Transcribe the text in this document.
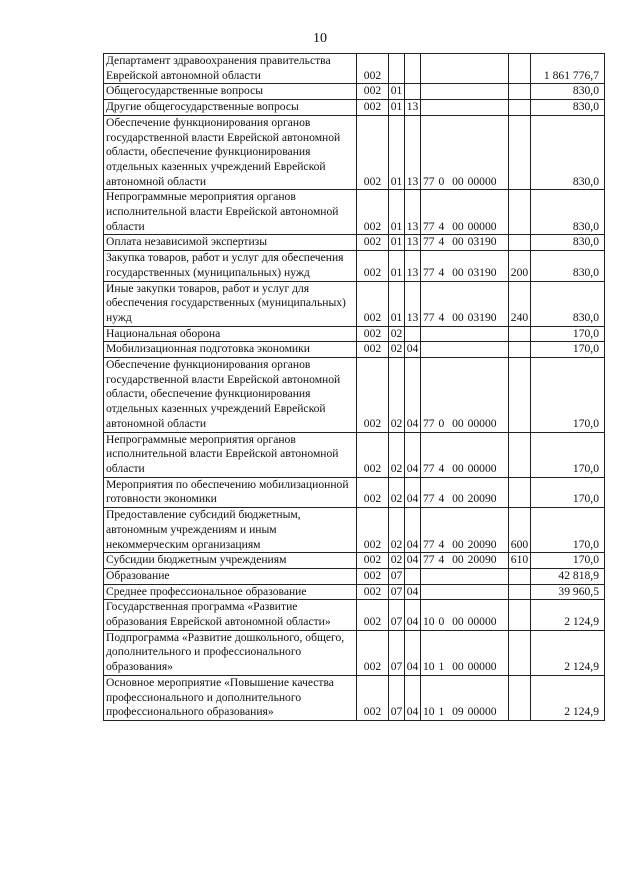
10
Департамент здравоохранения правительства Еврейской автономной области	002					1 861 776,7
Общегосударственные вопросы	002	01				830,0
Другие общегосударственные вопросы	002	01	13			830,0
Обеспечение функционирования органов государственной власти Еврейской автономной области, обеспечение функционирования отдельных казенных учреждений Еврейской автономной области	002	01	13	77 0  00 00000		830,0
Непрограммные мероприятия органов исполнительной власти Еврейской автономной области	002	01	13	77 4  00 00000		830,0
Оплата независимой экспертизы	002	01	13	77 4  00 03190		830,0
Закупка товаров, работ и услуг для обеспечения государственных (муниципальных) нужд	002	01	13	77 4  00 03190	200	830,0
Иные закупки товаров, работ и услуг для обеспечения государственных (муниципальных) нужд	002	01	13	77 4  00 03190	240	830,0
Национальная оборона	002	02				170,0
Мобилизационная подготовка экономики	002	02	04			170,0
Обеспечение функционирования органов государственной власти Еврейской автономной области, обеспечение функционирования отдельных казенных учреждений Еврейской автономной области	002	02	04	77 0  00 00000		170,0
Непрограммные мероприятия органов исполнительной власти Еврейской автономной области	002	02	04	77 4  00 00000		170,0
Мероприятия по обеспечению мобилизационной готовности экономики	002	02	04	77 4  00 20090		170,0
Предоставление субсидий бюджетным, автономным учреждениям и иным некоммерческим организациям	002	02	04	77 4  00 20090	600	170,0
Субсидии бюджетным учреждениям	002	02	04	77 4  00 20090	610	170,0
Образование	002	07				42 818,9
Среднее профессиональное образование	002	07	04			39 960,5
Государственная программа «Развитие образования Еврейской автономной области»	002	07	04	10 0  00 00000		2 124,9
Подпрограмма «Развитие дошкольного, общего, дополнительного и профессионального образования»	002	07	04	10 1  00 00000		2 124,9
Основное мероприятие «Повышение качества профессионального и дополнительного профессионального образования»	002	07	04	10 1  09 00000		2 124,9
